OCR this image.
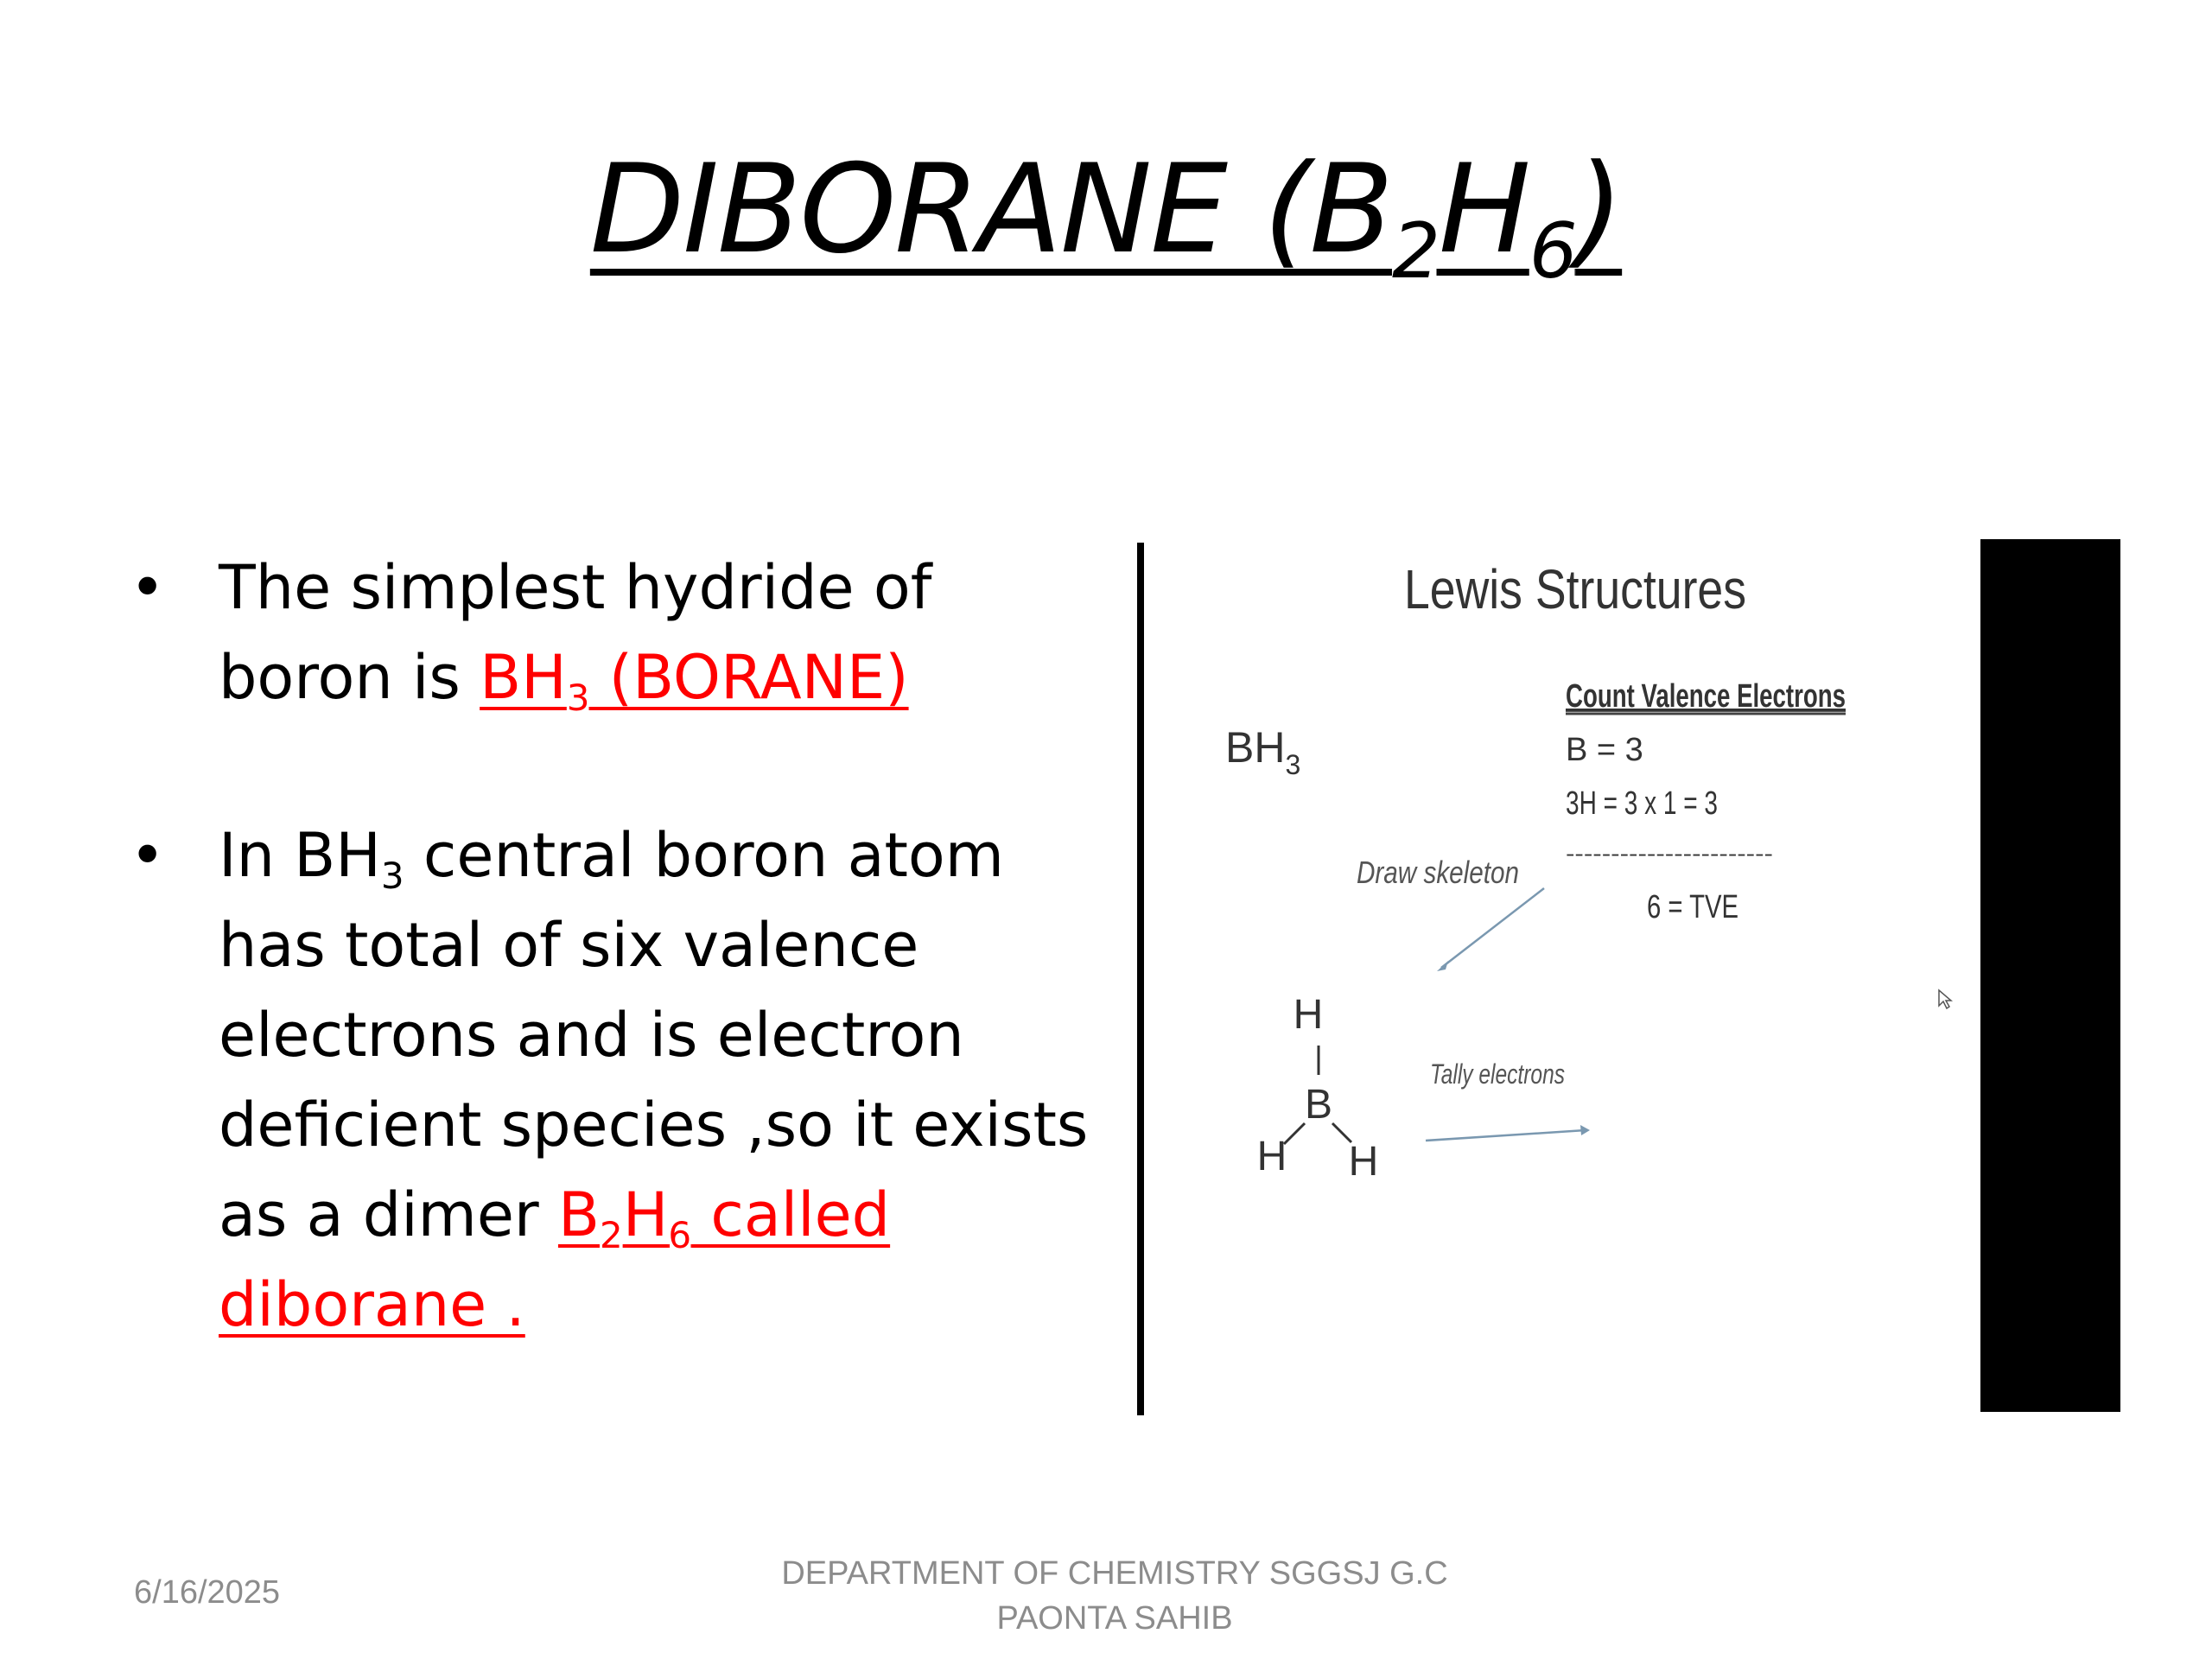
DIBORANE $(B_2H_6)$
• The simplest hydride of boron is $BH_3$ (BORANE)
• In $BH_3$ central boron atom has total of six valence electrons and is electron deficient species ,so it exists as a dimer $B_2H_6$ called diborane .
Lewis Structures
$BH_3$
Count Valence Electrons
B = 3
3H = 3 x 1 = 3
-----------------------
6 = TVE
Draw skeleton
Tally electrons
H
B
H H
6/16/2025
DEPARTMENT OF CHEMISTRY SGGSJ G.C
PAONTA SAHIB
